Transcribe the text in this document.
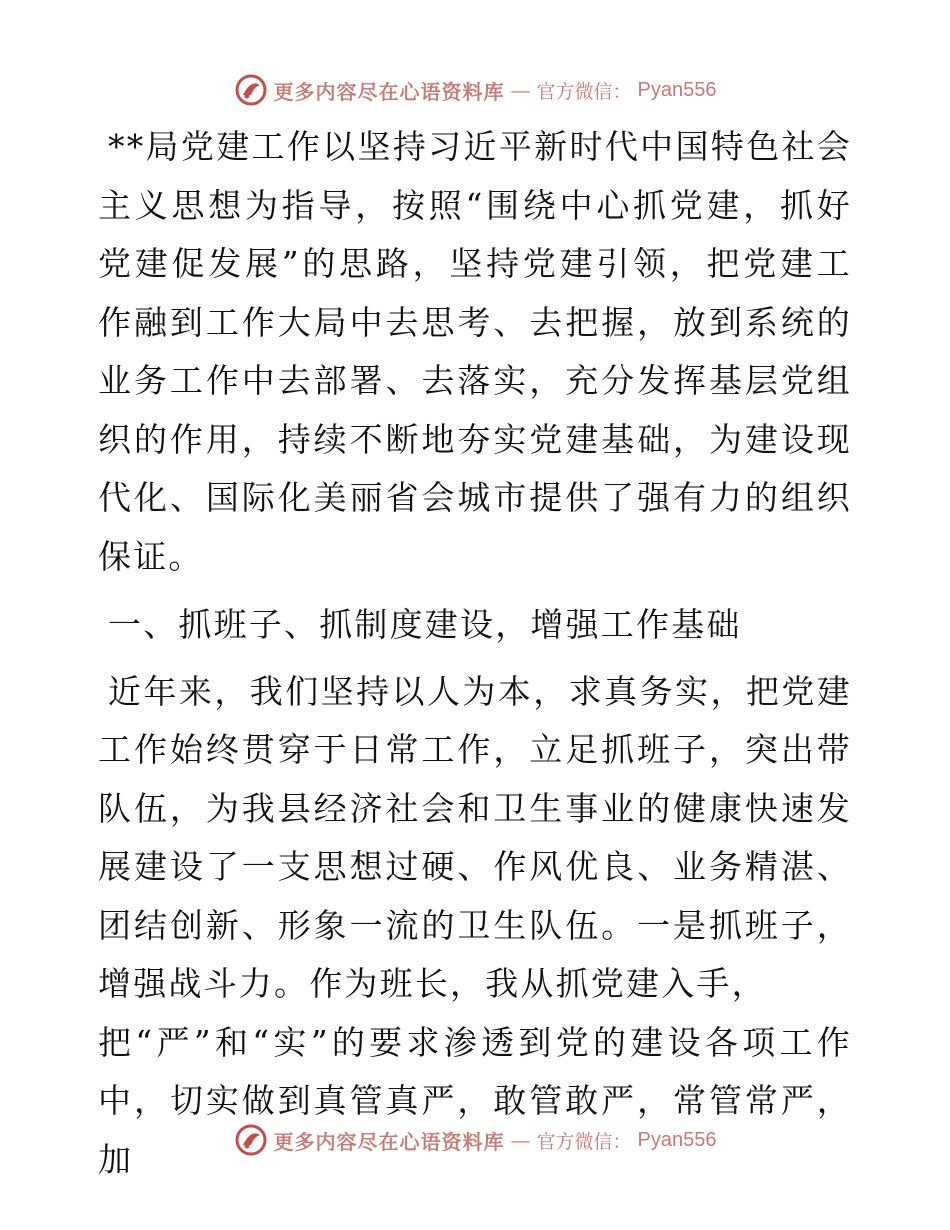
更多内容尽在心语资料库 — 官方微信： Pyan556

**局党建工作以坚持习近平新时代中国特色社会主义思想为指导，按照“围绕中心抓党建，抓好党建促发展”的思路，坚持党建引领，把党建工作融到工作大局中去思考、去把握，放到系统的业务工作中去部署、去落实，充分发挥基层党组织的作用，持续不断地夯实党建基础，为建设现代化、国际化美丽省会城市提供了强有力的组织保证。

一、抓班子、抓制度建设，增强工作基础

近年来，我们坚持以人为本，求真务实，把党建工作始终贯穿于日常工作，立足抓班子，突出带队伍，为我县经济社会和卫生事业的健康快速发展建设了一支思想过硬、作风优良、业务精湛、团结创新、形象一流的卫生队伍。一是抓班子，增强战斗力。作为班长，我从抓党建入手，

把“严”和“实”的要求渗透到党的建设各项工作中，切实做到真管真严，敢管敢严，常管常严，加	更多内容尽在心语资料库 — 官方微信： Pyan556
